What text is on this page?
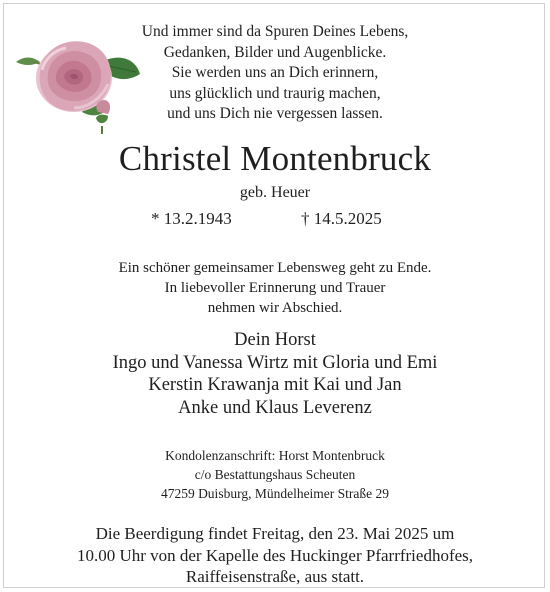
Und immer sind da Spuren Deines Lebens,
Gedanken, Bilder und Augenblicke.
Sie werden uns an Dich erinnern,
uns glücklich und traurig machen,
und uns Dich nie vergessen lassen.
Christel Montenbruck
geb. Heuer
* 13.2.1943	† 14.5.2025
Ein schöner gemeinsamer Lebensweg geht zu Ende.
In liebevoller Erinnerung und Trauer
nehmen wir Abschied.
Dein Horst
Ingo und Vanessa Wirtz mit Gloria und Emi
Kerstin Krawanja mit Kai und Jan
Anke und Klaus Leverenz
Kondolenzanschrift: Horst Montenbruck
c/o Bestattungshaus Scheuten
47259 Duisburg, Mündelheimer Straße 29
Die Beerdigung findet Freitag, den 23. Mai 2025 um
10.00 Uhr von der Kapelle des Huckinger Pfarrfriedhofes,
Raiffeisenstraße, aus statt.
